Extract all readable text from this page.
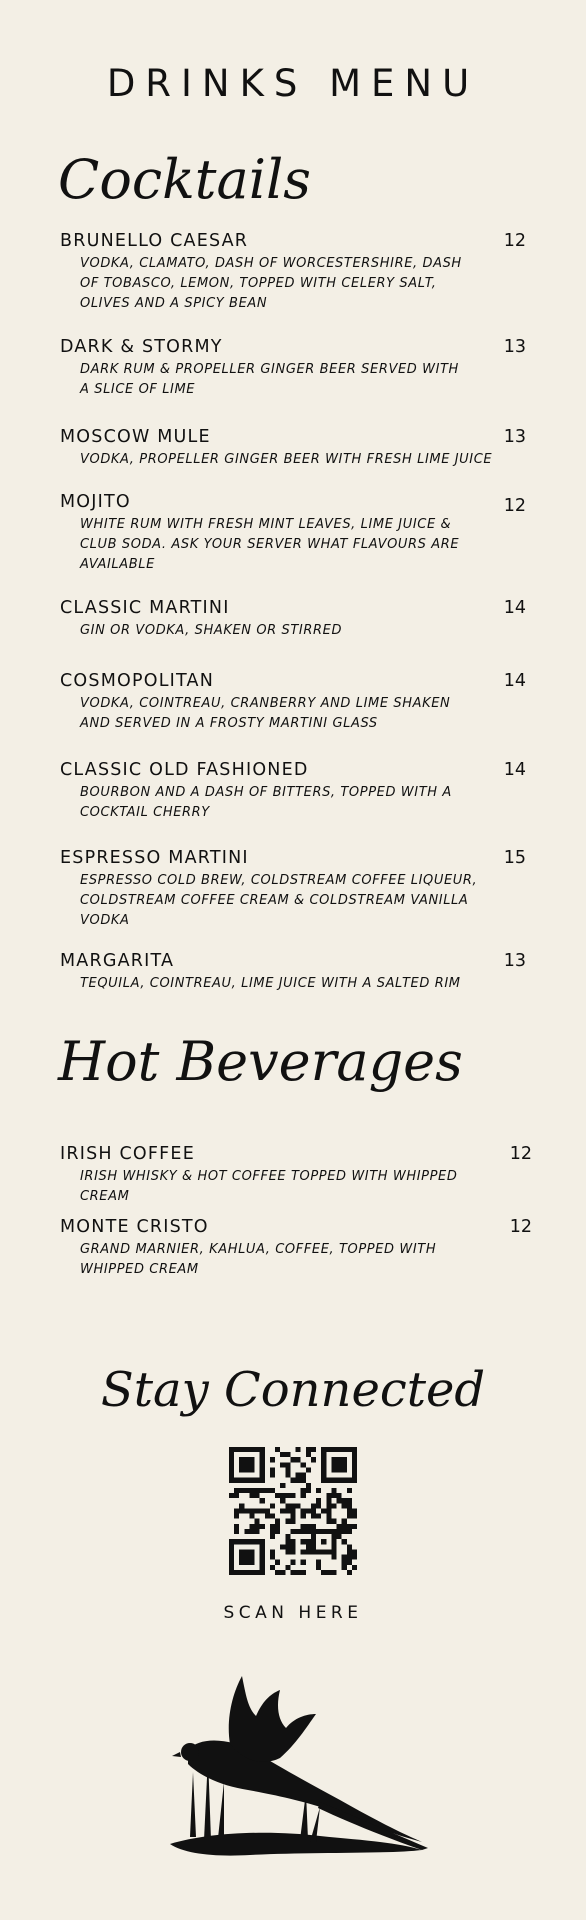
DRINKS MENU
Cocktails
BRUNELLO CAESAR	12
VODKA, CLAMATO, DASH OF WORCESTERSHIRE, DASH OF TOBASCO, LEMON, TOPPED WITH CELERY SALT, OLIVES AND A SPICY BEAN
DARK & STORMY	13
DARK RUM & PROPELLER GINGER BEER SERVED WITH A SLICE OF LIME
MOSCOW MULE	13
VODKA, PROPELLER GINGER BEER WITH FRESH LIME JUICE
MOJITO	12
WHITE RUM WITH FRESH MINT LEAVES, LIME JUICE & CLUB SODA. ASK YOUR SERVER WHAT FLAVOURS ARE AVAILABLE
CLASSIC MARTINI	14
GIN OR VODKA, SHAKEN OR STIRRED
COSMOPOLITAN	14
VODKA, COINTREAU, CRANBERRY AND LIME SHAKEN AND SERVED IN A FROSTY MARTINI GLASS
CLASSIC OLD FASHIONED	14
BOURBON AND A DASH OF BITTERS, TOPPED WITH A COCKTAIL CHERRY
ESPRESSO MARTINI	15
ESPRESSO COLD BREW, COLDSTREAM COFFEE LIQUEUR, COLDSTREAM COFFEE CREAM & COLDSTREAM VANILLA VODKA
MARGARITA	13
TEQUILA, COINTREAU, LIME JUICE WITH A SALTED RIM
Hot Beverages
IRISH COFFEE	12
IRISH WHISKY & HOT COFFEE TOPPED WITH WHIPPED CREAM
MONTE CRISTO	12
GRAND MARNIER, KAHLUA, COFFEE, TOPPED WITH WHIPPED CREAM
Stay Connected
SCAN HERE
